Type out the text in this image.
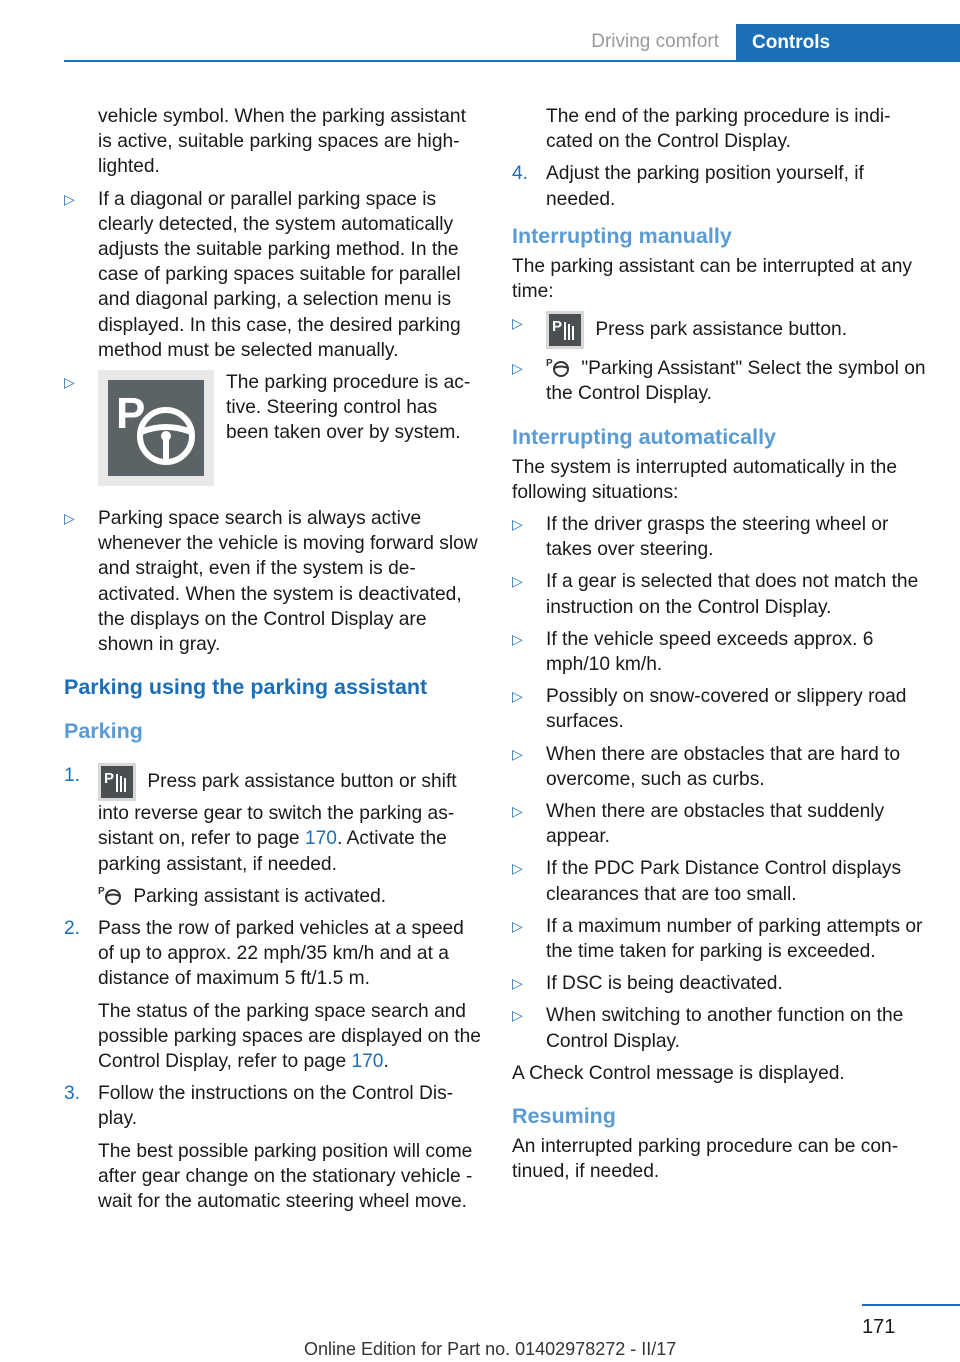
Driving comfort	Controls
vehicle symbol. When the parking assistant is active, suitable parking spaces are high‐lighted.
▷	If a diagonal or parallel parking space is clearly detected, the system automatically adjusts the suitable parking method. In the case of parking spaces suitable for parallel and diagonal parking, a selection menu is displayed. In this case, the desired parking method must be selected manually.
▷
P
The parking procedure is ac‐tive. Steering control has been taken over by system.
▷	Parking space search is always active whenever the vehicle is moving forward slow and straight, even if the system is de‐activated. When the system is deactivated, the displays on the Control Display are shown in gray.
Parking using the parking assistant
Parking
1.	P Press park assistance button or shift into reverse gear to switch the parking as‐sistant on, refer to page 170. Activate the parking assistant, if needed.
P Parking assistant is activated.
2. Pass the row of parked vehicles at a speed of up to approx. 22 mph/35 km/h and at a distance of maximum 5 ft/1.5 m.
The status of the parking space search and possible parking spaces are displayed on the Control Display, refer to page 170.
3. Follow the instructions on the Control Dis‐play.
The best possible parking position will come after gear change on the stationary vehicle - wait for the automatic steering wheel move.
The end of the parking procedure is indi‐cated on the Control Display.
4. Adjust the parking position yourself, if needed.
Interrupting manually
The parking assistant can be interrupted at any time:
▷	P Press park assistance button.
▷	P "Parking Assistant" Select the symbol on the Control Display.
Interrupting automatically
The system is interrupted automatically in the following situations:
▷	If the driver grasps the steering wheel or takes over steering.
▷	If a gear is selected that does not match the instruction on the Control Display.
▷	If the vehicle speed exceeds approx. 6 mph/10 km/h.
▷	Possibly on snow-covered or slippery road surfaces.
▷	When there are obstacles that are hard to overcome, such as curbs.
▷	When there are obstacles that suddenly appear.
▷	If the PDC Park Distance Control displays clearances that are too small.
▷	If a maximum number of parking attempts or the time taken for parking is exceeded.
▷	If DSC is being deactivated.
▷	When switching to another function on the Control Display.
A Check Control message is displayed.
Resuming
An interrupted parking procedure can be con‐tinued, if needed.
171
Online Edition for Part no. 01402978272 - II/17
